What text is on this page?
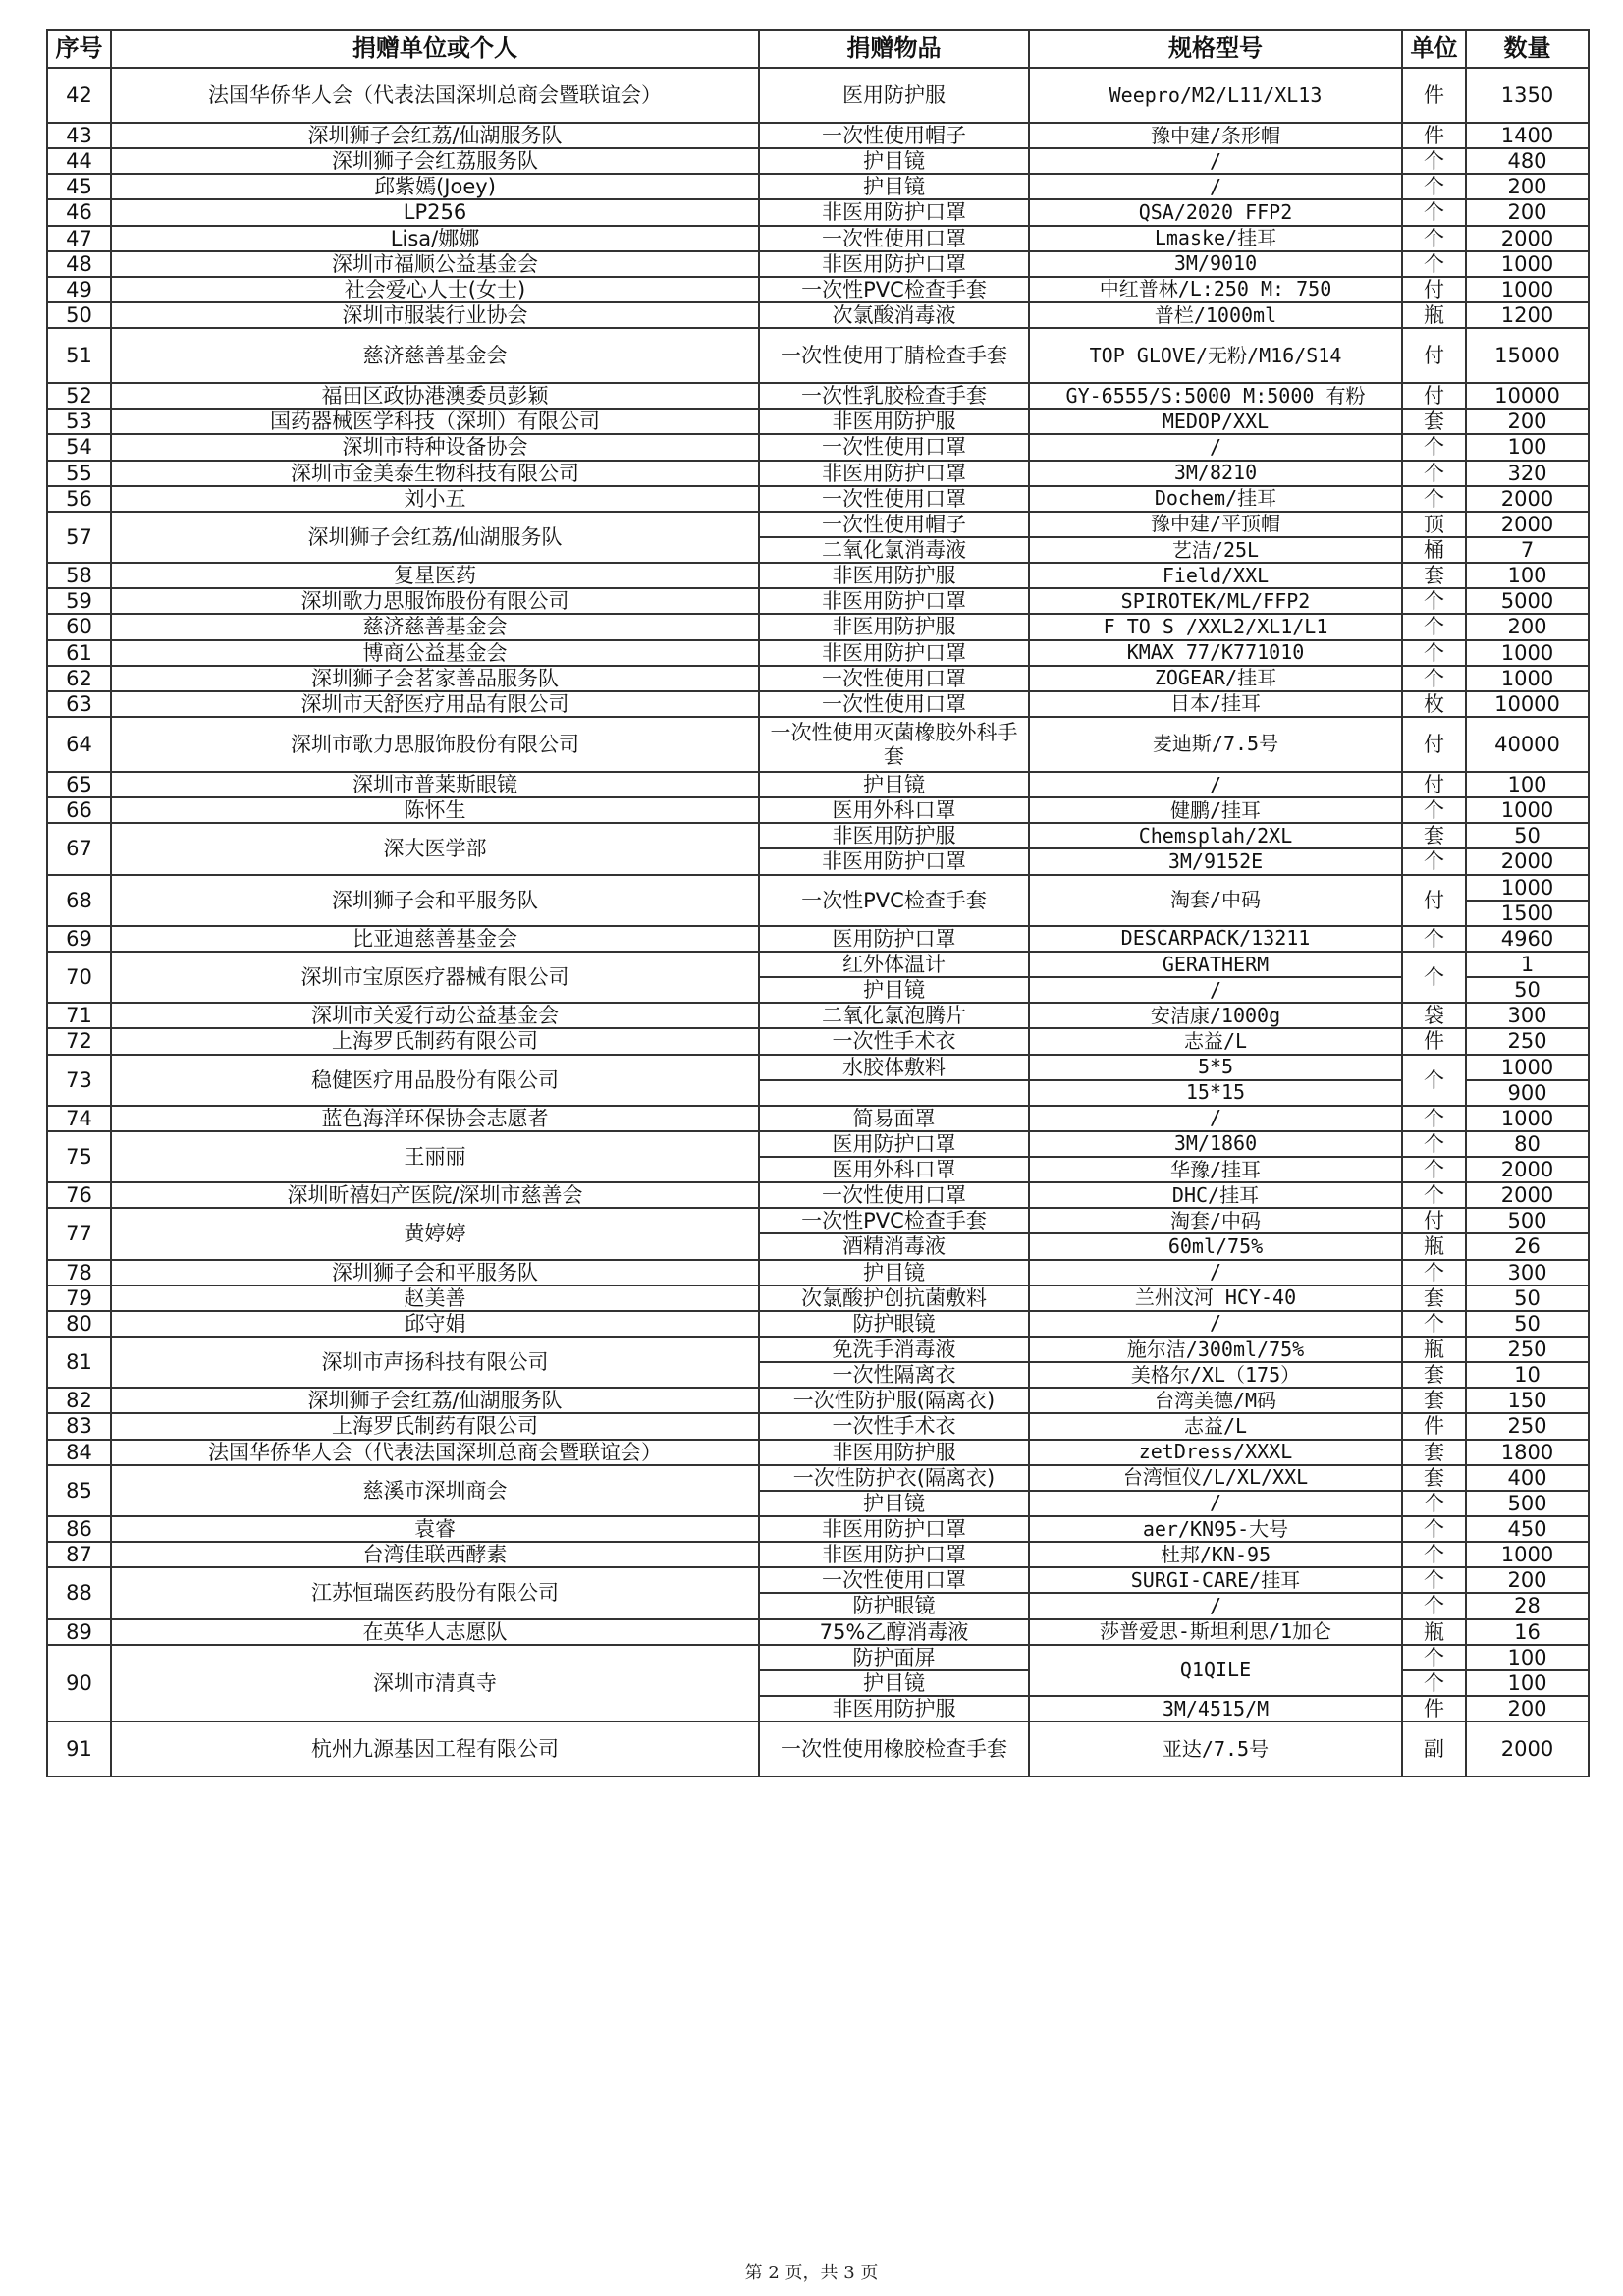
序号	捐赠单位或个人	捐赠物品	规格型号	单位	数量
42	法国华侨华人会（代表法国深圳总商会暨联谊会）	医用防护服	Weepro/M2/L11/XL13	件	1350
43	深圳狮子会红荔/仙湖服务队	一次性使用帽子	豫中建/条形帽	件	1400
44	深圳狮子会红荔服务队	护目镜	/	个	480
45	邱紫嫣(Joey)	护目镜	/	个	200
46	LP256	非医用防护口罩	QSA/2020 FFP2	个	200
47	Lisa/娜娜	一次性使用口罩	Lmaske/挂耳	个	2000
48	深圳市福顺公益基金会	非医用防护口罩	3M/9010	个	1000
49	社会爱心人士(女士)	一次性PVC检查手套	中红普林/L:250 M: 750	付	1000
50	深圳市服装行业协会	次氯酸消毒液	普栏/1000ml	瓶	1200
51	慈济慈善基金会	一次性使用丁腈检查手套	TOP GLOVE/无粉/M16/S14	付	15000
52	福田区政协港澳委员彭颖	一次性乳胶检查手套	GY-6555/S:5000 M:5000 有粉	付	10000
53	国药器械医学科技（深圳）有限公司	非医用防护服	MEDOP/XXL	套	200
54	深圳市特种设备协会	一次性使用口罩	/	个	100
55	深圳市金美泰生物科技有限公司	非医用防护口罩	3M/8210	个	320
56	刘小五	一次性使用口罩	Dochem/挂耳	个	2000
57	深圳狮子会红荔/仙湖服务队	一次性使用帽子	豫中建/平顶帽	顶	2000
		二氧化氯消毒液	艺洁/25L	桶	7
58	复星医药	非医用防护服	Field/XXL	套	100
59	深圳歌力思服饰股份有限公司	非医用防护口罩	SPIROTEK/ML/FFP2	个	5000
60	慈济慈善基金会	非医用防护服	F TO S /XXL2/XL1/L1	个	200
61	博商公益基金会	非医用防护口罩	KMAX 77/K771010	个	1000
62	深圳狮子会茗家善品服务队	一次性使用口罩	ZOGEAR/挂耳	个	1000
63	深圳市天舒医疗用品有限公司	一次性使用口罩	日本/挂耳	枚	10000
64	深圳市歌力思服饰股份有限公司	一次性使用灭菌橡胶外科手套	麦迪斯/7.5号	付	40000
65	深圳市普莱斯眼镜	护目镜	/	付	100
66	陈怀生	医用外科口罩	健鹏/挂耳	个	1000
67	深大医学部	非医用防护服	Chemsplah/2XL	套	50
		非医用防护口罩	3M/9152E	个	2000
68	深圳狮子会和平服务队	一次性PVC检查手套	淘套/中码	付	1000
					1500
69	比亚迪慈善基金会	医用防护口罩	DESCARPACK/13211	个	4960
70	深圳市宝原医疗器械有限公司	红外体温计	GERATHERM	个	1
		护目镜	/		50
71	深圳市关爱行动公益基金会	二氧化氯泡腾片	安洁康/1000g	袋	300
72	上海罗氏制药有限公司	一次性手术衣	志益/L	件	250
73	稳健医疗用品股份有限公司	水胶体敷料	5*5	个	1000
			15*15		900
74	蓝色海洋环保协会志愿者	简易面罩	/	个	1000
75	王丽丽	医用防护口罩	3M/1860	个	80
		医用外科口罩	华豫/挂耳	个	2000
76	深圳昕禧妇产医院/深圳市慈善会	一次性使用口罩	DHC/挂耳	个	2000
77	黄婷婷	一次性PVC检查手套	淘套/中码	付	500
		酒精消毒液	60ml/75%	瓶	26
78	深圳狮子会和平服务队	护目镜	/	个	300
79	赵美善	次氯酸护创抗菌敷料	兰州汶河 HCY-40	套	50
80	邱守娟	防护眼镜	/	个	50
81	深圳市声扬科技有限公司	免洗手消毒液	施尔洁/300ml/75%	瓶	250
		一次性隔离衣	美格尔/XL（175）	套	10
82	深圳狮子会红荔/仙湖服务队	一次性防护服(隔离衣)	台湾美德/M码	套	150
83	上海罗氏制药有限公司	一次性手术衣	志益/L	件	250
84	法国华侨华人会（代表法国深圳总商会暨联谊会）	非医用防护服	zetDress/XXXL	套	1800
85	慈溪市深圳商会	一次性防护衣(隔离衣)	台湾恒仪/L/XL/XXL	套	400
		护目镜	/	个	500
86	袁睿	非医用防护口罩	aer/KN95-大号	个	450
87	台湾佳联西酵素	非医用防护口罩	杜邦/KN-95	个	1000
88	江苏恒瑞医药股份有限公司	一次性使用口罩	SURGI-CARE/挂耳	个	200
		防护眼镜	/	个	28
89	在英华人志愿队	75%乙醇消毒液	莎普爱思-斯坦利思/1加仑	瓶	16
90	深圳市清真寺	防护面屏	Q1QILE	个	100
		护目镜		个	100
		非医用防护服	3M/4515/M	件	200
91	杭州九源基因工程有限公司	一次性使用橡胶检查手套	亚达/7.5号	副	2000
第 2 页，共 3 页
